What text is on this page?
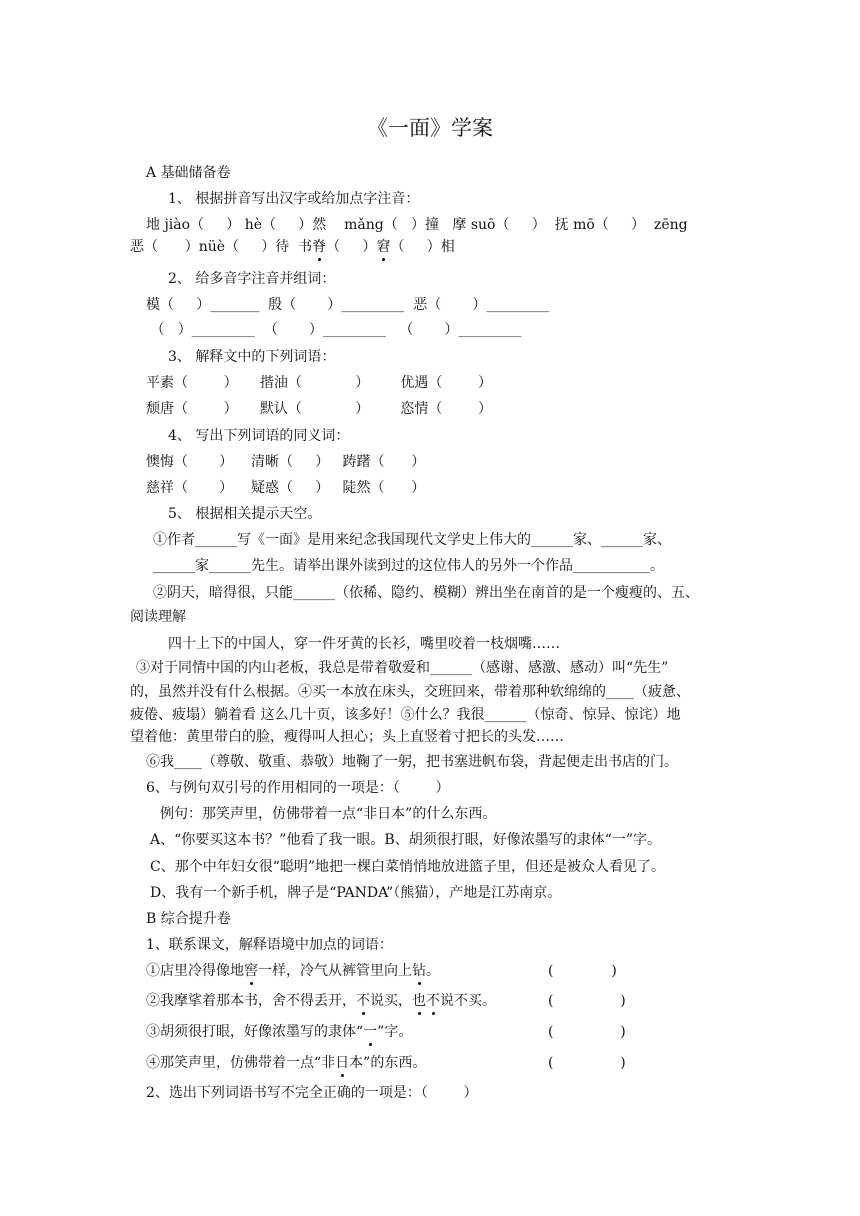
《一面》学案
A 基础储备卷
1、 根据拼音写出汉字或给加点字注音：
地 jiào（     ） hè（     ）然    mǎng（   ）撞   摩 suō（     ）  抚 mō（     ）  zēng
恶（      ）nüè（     ）待  书脊（     ）窘（     ）相
2、 给多音字注音并组词：
模（     ）_______  殷（       ）_________  恶（       ）_________
（   ）_________  （       ）_________   （       ）_________
3、 解释文中的下列词语：
平素（        ）     揩油（            ）       优遇（        ）
颓唐（        ）     默认（            ）       恣情（        ）
4、 写出下列词语的同义词：
懊悔（       ）    清晰（     ）   踌躇（      ）
慈祥（       ）    疑惑（     ）   陡然（      ）
5、 根据相关提示天空。
①作者______写《一面》是用来纪念我国现代文学史上伟大的______家、______家、
______家______先生。请举出课外读到过的这位伟人的另外一个作品___________。
②阴天，暗得很，只能______（依稀、隐约、模糊）辨出坐在南首的是一个瘦瘦的、五、
阅读理解
四十上下的中国人，穿一件牙黄的长衫，嘴里咬着一枝烟嘴……
③对于同情中国的内山老板，我总是带着敬爱和______（感谢、感激、感动）叫“先生”
的，虽然并没有什么根据。④买一本放在床头，交班回来，带着那种软绵绵的____（疲惫、
疲倦、疲塌）躺着看 这么几十页，该多好！⑤什么？我很______（惊奇、惊异、惊诧）地
望着他：黄里带白的脸，瘦得叫人担心；头上直竖着寸把长的头发……
⑥我____（尊敬、敬重、恭敬）地鞠了一躬，把书塞进帆布袋，背起便走出书店的门。
6、与例句双引号的作用相同的一项是：（        ）
例句：那笑声里，仿佛带着一点“非日本”的什么东西。
A、“你要买这本书？”他看了我一眼。B、胡须很打眼，好像浓墨写的隶体“一”字。
C、那个中年妇女很“聪明”地把一棵白菜悄悄地放进篮子里，但还是被众人看见了。
D、我有一个新手机，牌子是“PANDA”（熊猫），产地是江苏南京。
B 综合提升卷
1、联系课文，解释语境中加点的词语：
①店里冷得像地窖一样，冷气从裤管里向上钻。	(             )
②我摩挲着那本书，舍不得丢开，不说买，也不说不买。	(               )
③胡须很打眼，好像浓墨写的隶体“一”字。	(               )
④那笑声里，仿佛带着一点“非日本”的东西。	(               )
2、选出下列词语书写不完全正确的一项是：（        ）
